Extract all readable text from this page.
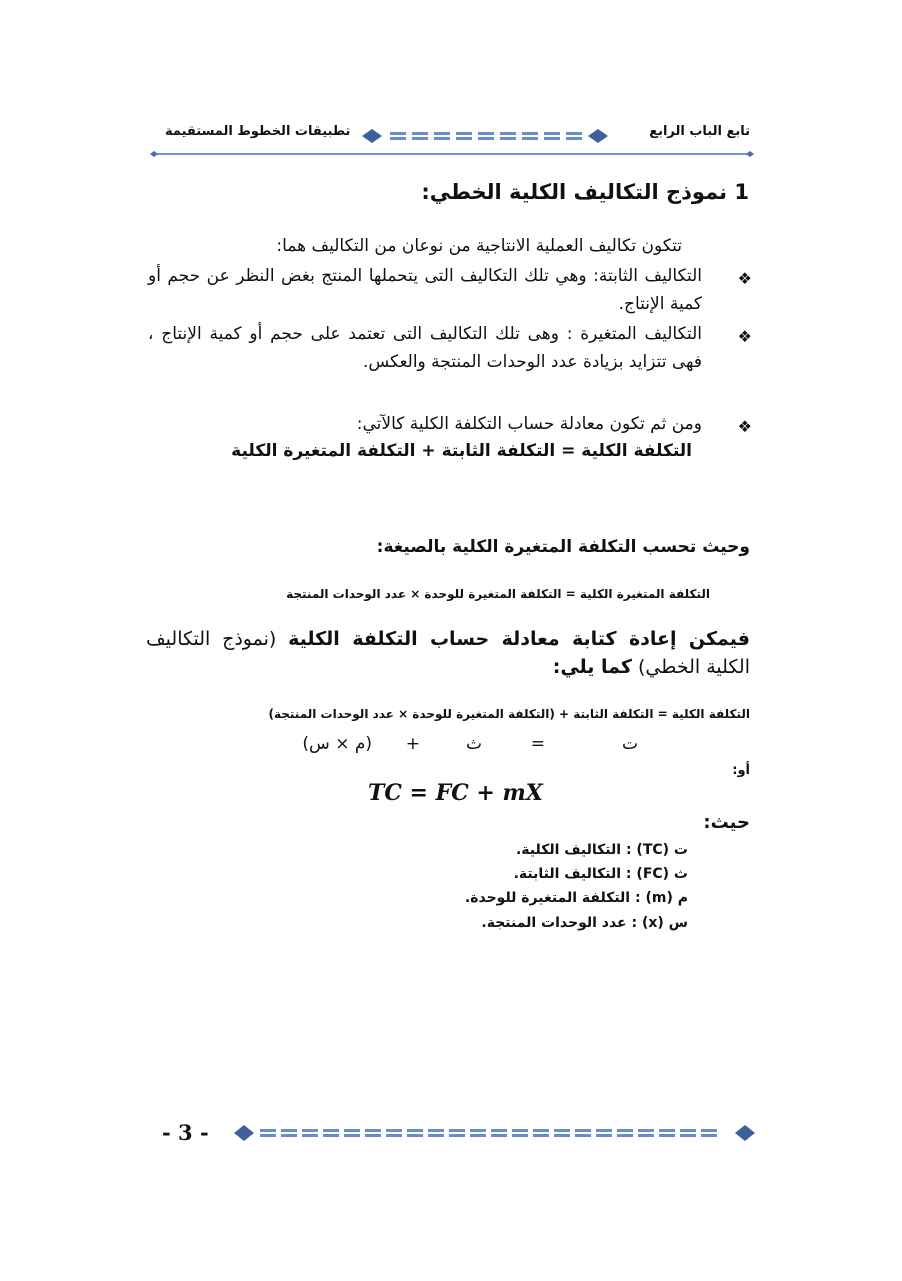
تابع الباب الرابع
تطبيقات الخطوط المستقيمة
1 نموذج التكاليف الكلية الخطي:
تتكون تكاليف العملية الانتاجية من نوعان من التكاليف هما:
❖
التكاليف الثابتة: وهي تلك التكاليف التى يتحملها المنتج بغض النظر عن حجم أو كمية الإنتاج.
❖
التكاليف المتغيرة : وهى تلك التكاليف التى تعتمد على حجم أو كمية الإنتاج ، فهى تتزايد بزيادة عدد الوحدات المنتجة والعكس.
❖
ومن ثم تكون معادلة حساب التكلفة الكلية كالآتي:
التكلفة الكلية = التكلفة الثابتة + التكلفة المتغيرة الكلية
وحيث تحسب التكلفة المتغيرة الكلية بالصيغة:
التكلفة المتغيرة الكلية = التكلفة المتغيرة للوحدة × عدد الوحدات المنتجة
فيمكن إعادة كتابة معادلة حساب التكلفة الكلية (نموذج التكاليف الكلية الخطي) كما يلي:
التكلفة الكلية = التكلفة الثابتة + (التكلفة المتغيرة للوحدة × عدد الوحدات المنتجة)
ت
=
ث
+
(م × س)
أو:
TC = FC + mX
حيث:
ت (TC) : التكاليف الكلية.
ث (FC) : التكاليف الثابتة.
م (m) : التكلفة المتغيرة للوحدة.
س (x) : عدد الوحدات المنتجة.
- 3 -
